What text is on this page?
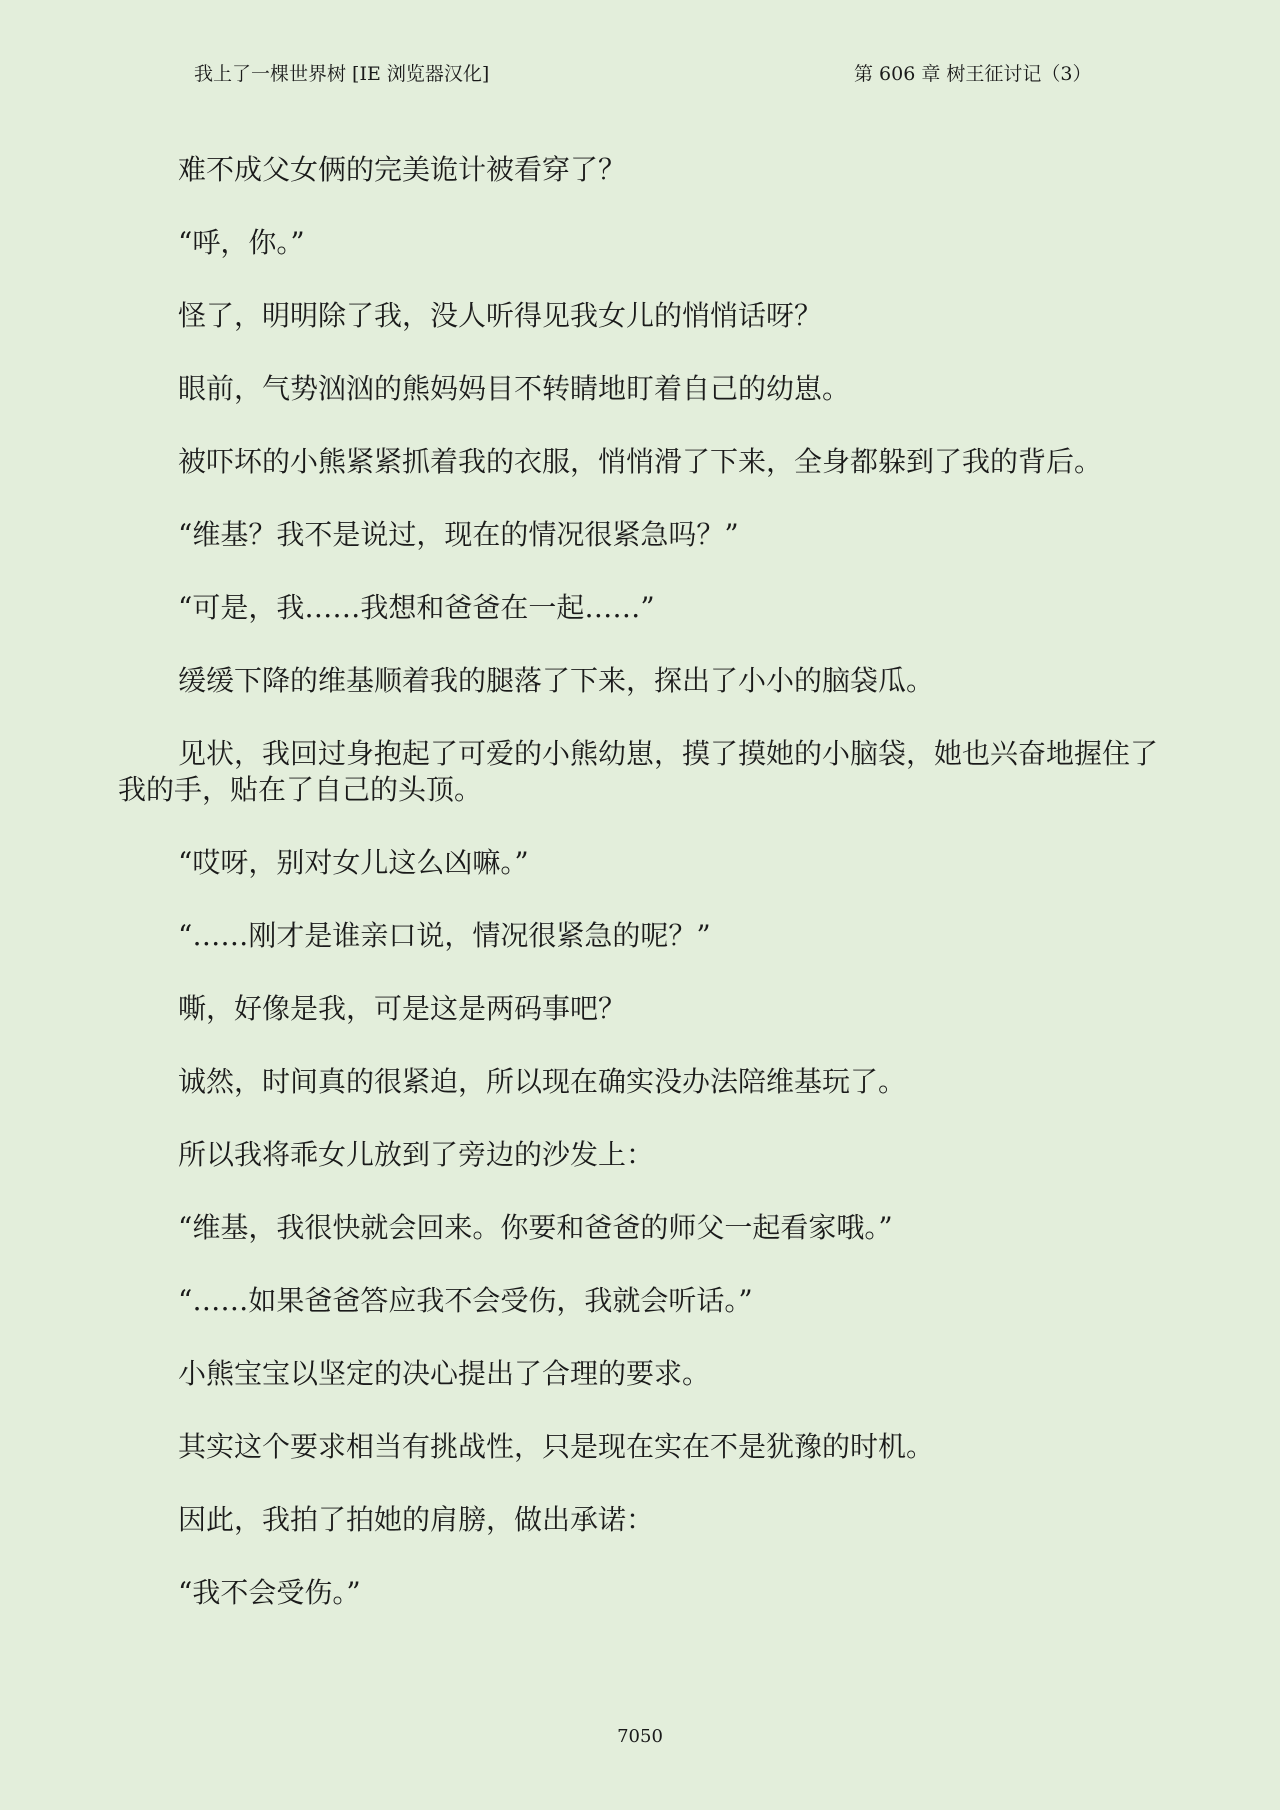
我上了一棵世界树 [IE 浏览器汉化]	第 606 章 树王征讨记（3）

难不成父女俩的完美诡计被看穿了？

“呼，你。”

怪了，明明除了我，没人听得见我女儿的悄悄话呀？

眼前，气势汹汹的熊妈妈目不转睛地盯着自己的幼崽。

被吓坏的小熊紧紧抓着我的衣服，悄悄滑了下来，全身都躲到了我的背后。

“维基？我不是说过，现在的情况很紧急吗？”

“可是，我……我想和爸爸在一起……”

缓缓下降的维基顺着我的腿落了下来，探出了小小的脑袋瓜。

见状，我回过身抱起了可爱的小熊幼崽，摸了摸她的小脑袋，她也兴奋地握住了我的手，贴在了自己的头顶。

“哎呀，别对女儿这么凶嘛。”

“……刚才是谁亲口说，情况很紧急的呢？”

嘶，好像是我，可是这是两码事吧？

诚然，时间真的很紧迫，所以现在确实没办法陪维基玩了。

所以我将乖女儿放到了旁边的沙发上：

“维基，我很快就会回来。你要和爸爸的师父一起看家哦。”

“……如果爸爸答应我不会受伤，我就会听话。”

小熊宝宝以坚定的决心提出了合理的要求。

其实这个要求相当有挑战性，只是现在实在不是犹豫的时机。

因此，我拍了拍她的肩膀，做出承诺：

“我不会受伤。”

7050
